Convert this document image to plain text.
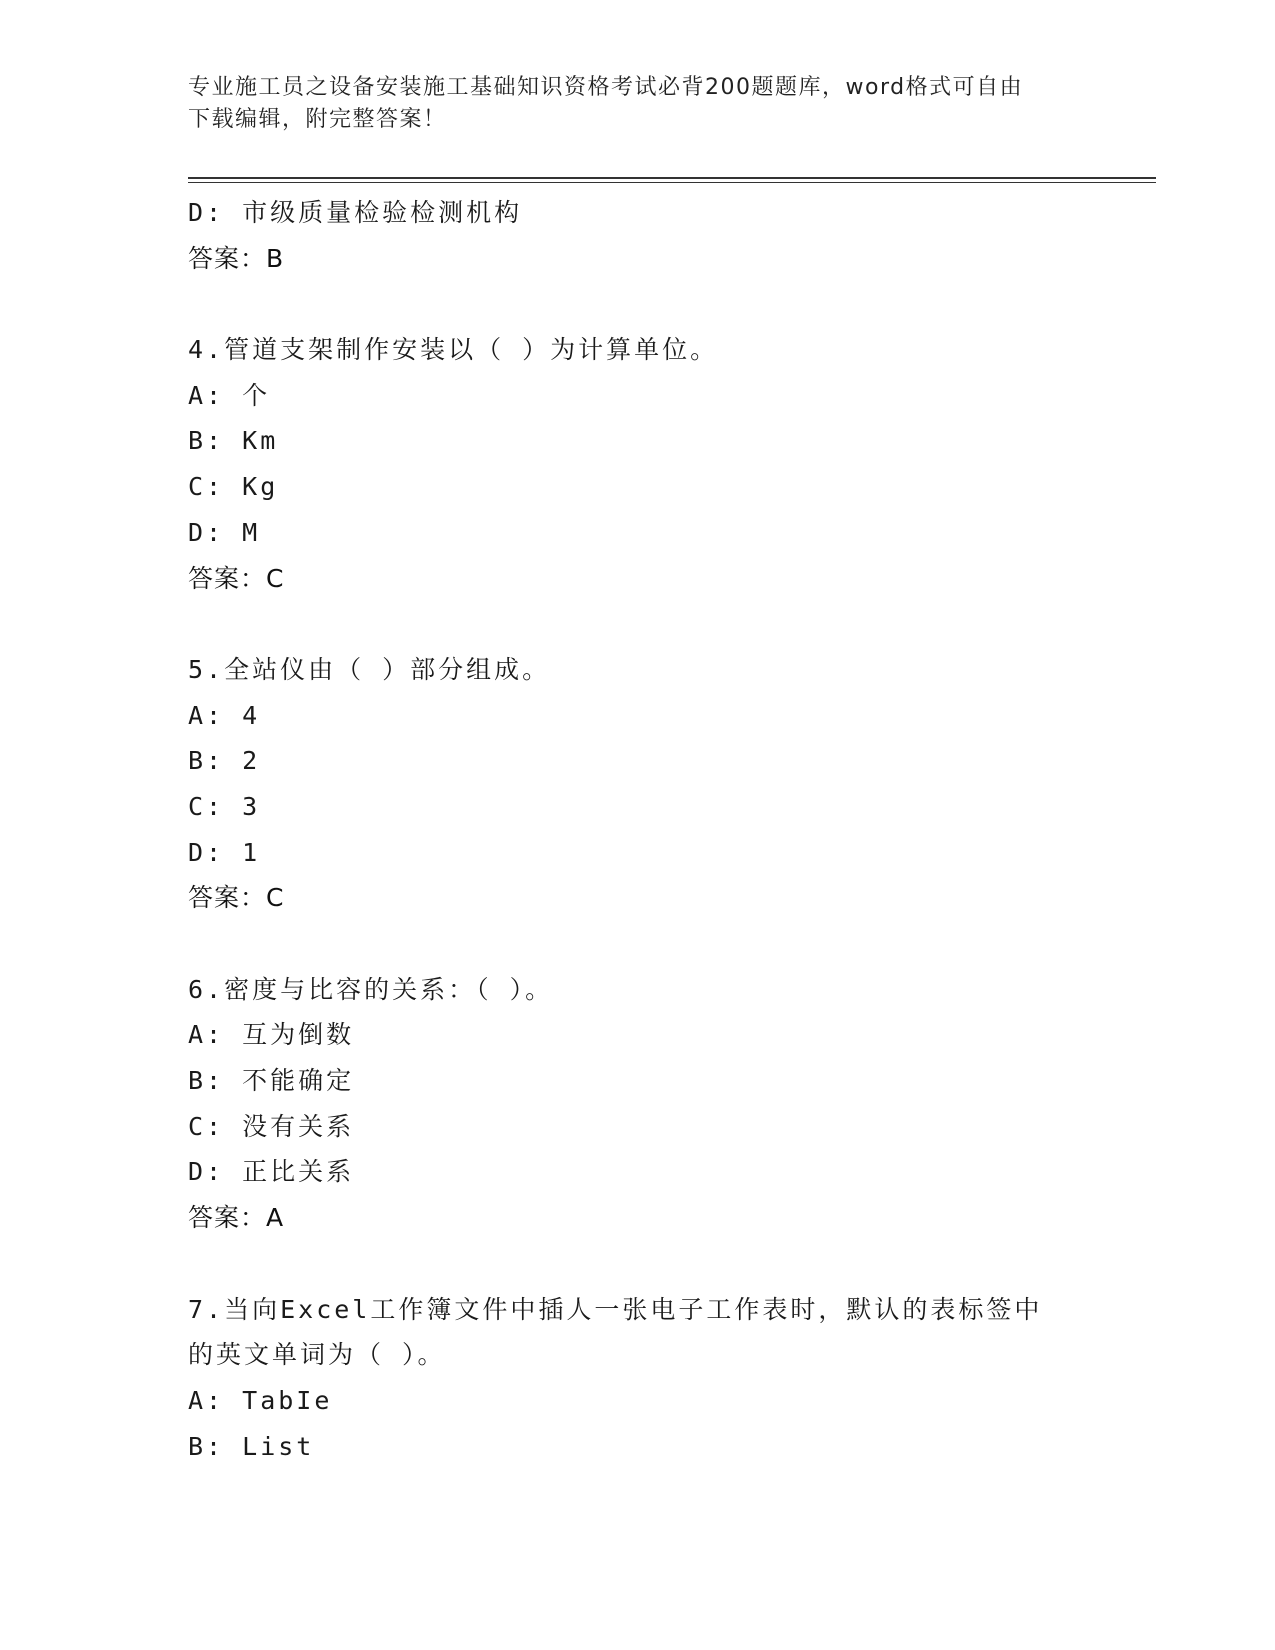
专业施工员之设备安装施工基础知识资格考试必背200题题库，word格式可自由
下载编辑，附完整答案！
D: 市级质量检验检测机构
答案：B
4.管道支架制作安装以（ ）为计算单位。
A: 个
B: Km
C: Kg
D: M
答案：C
5.全站仪由（ ）部分组成。
A: 4
B: 2
C: 3
D: 1
答案：C
6.密度与比容的关系：（ ）。
A: 互为倒数
B: 不能确定
C: 没有关系
D: 正比关系
答案：A
7.当向Excel工作簿文件中插人一张电子工作表时，默认的表标签中
的英文单词为（ ）。
A: TabIe
B: List
